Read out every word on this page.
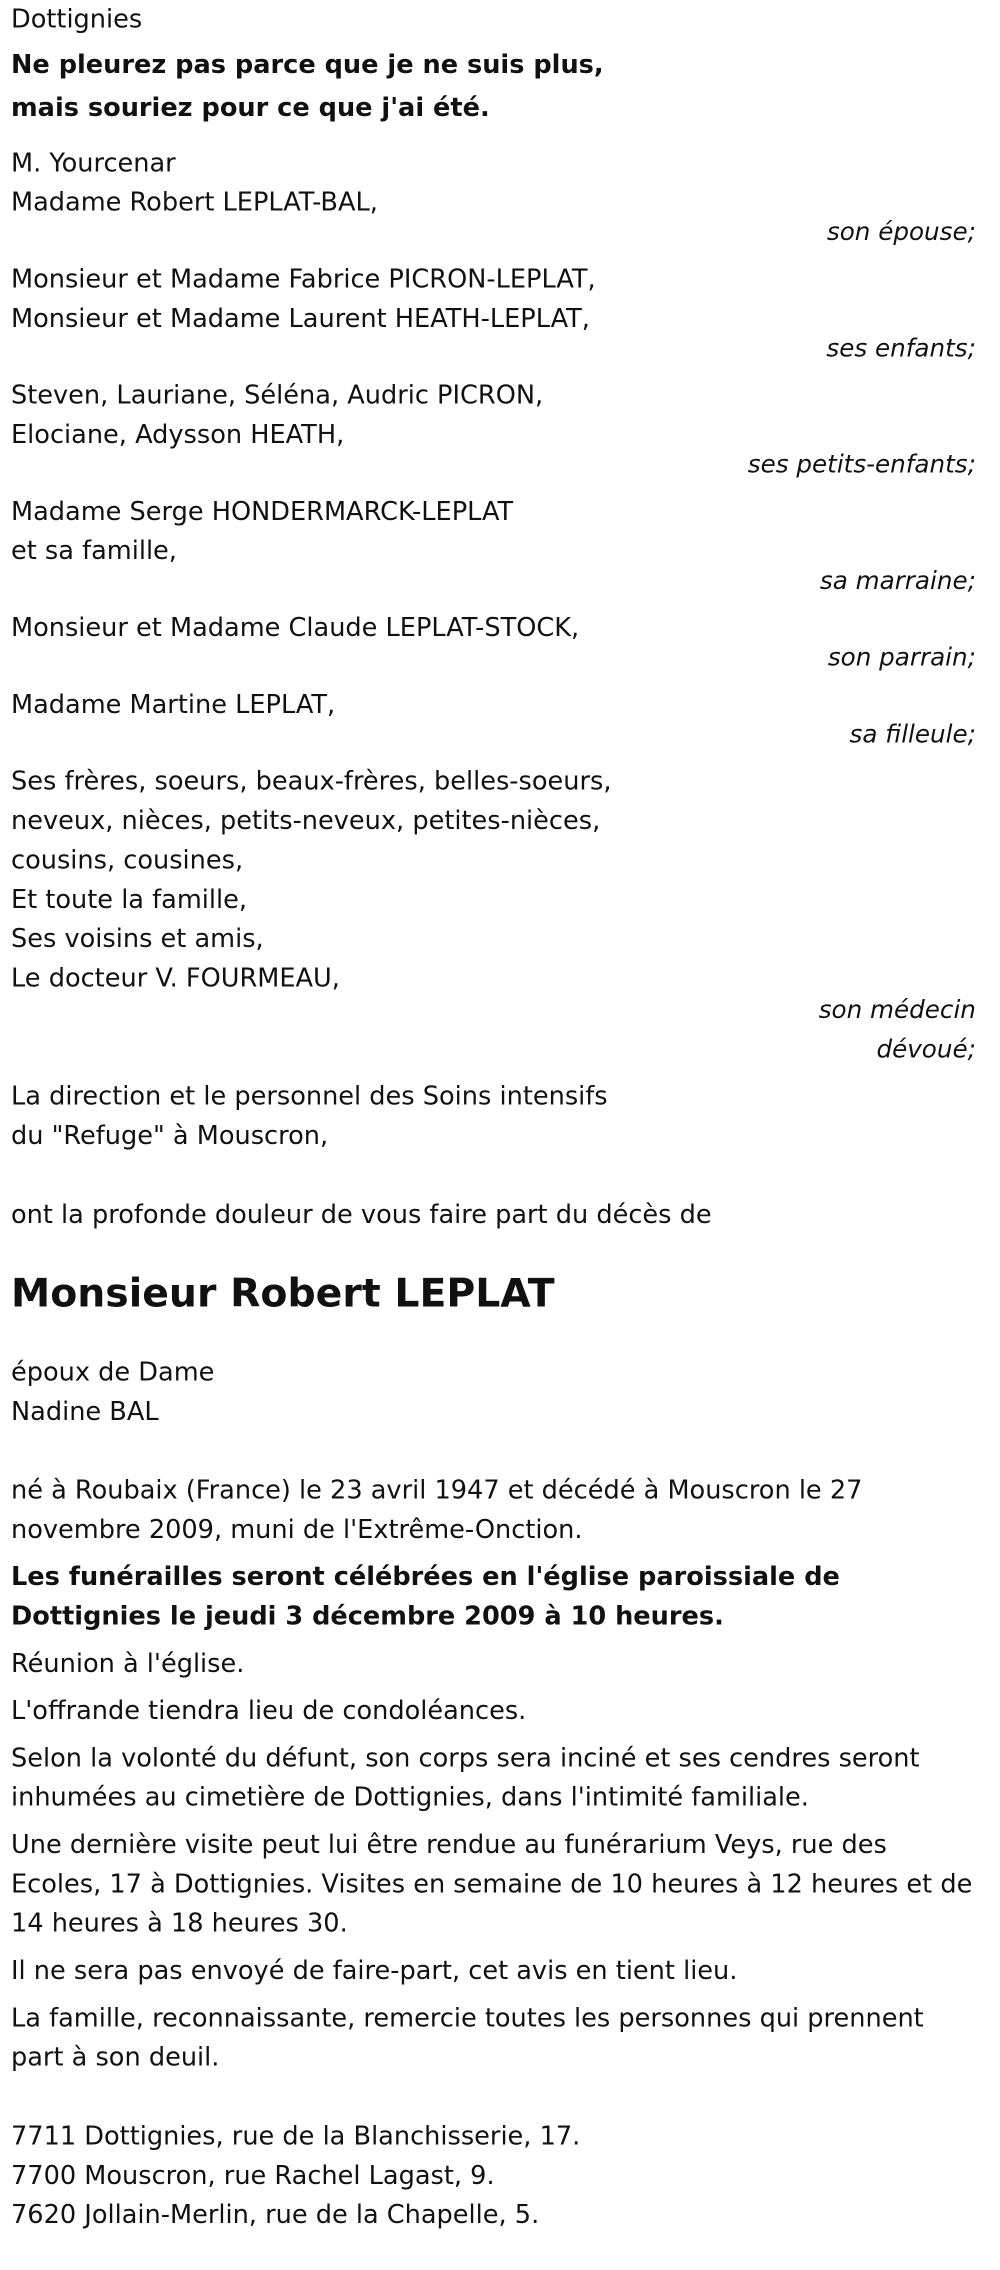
Dottignies
Ne pleurez pas parce que je ne suis plus,
mais souriez pour ce que j'ai été.
M. Yourcenar
Madame Robert LEPLAT-BAL,
son épouse;
Monsieur et Madame Fabrice PICRON-LEPLAT,
Monsieur et Madame Laurent HEATH-LEPLAT,
ses enfants;
Steven, Lauriane, Séléna, Audric PICRON,
Elociane, Adysson HEATH,
ses petits-enfants;
Madame Serge HONDERMARCK-LEPLAT
et sa famille,
sa marraine;
Monsieur et Madame Claude LEPLAT-STOCK,
son parrain;
Madame Martine LEPLAT,
sa filleule;
Ses frères, soeurs, beaux-frères, belles-soeurs,
neveux, nièces, petits-neveux, petites-nièces,
cousins, cousines,
Et toute la famille,
Ses voisins et amis,
Le docteur V. FOURMEAU,
son médecin
dévoué;
La direction et le personnel des Soins intensifs
du "Refuge" à Mouscron,
ont la profonde douleur de vous faire part du décès de
Monsieur Robert LEPLAT
époux de Dame
Nadine BAL

né à Roubaix (France) le 23 avril 1947 et décédé à Mouscron le 27 novembre 2009, muni de l'Extrême-Onction.

Les funérailles seront célébrées en l'église paroissiale de Dottignies le jeudi 3 décembre 2009 à 10 heures.

Réunion à l'église.

L'offrande tiendra lieu de condoléances.

Selon la volonté du défunt, son corps sera inciné et ses cendres seront inhumées au cimetière de Dottignies, dans l'intimité familiale.

Une dernière visite peut lui être rendue au funérarium Veys, rue des Ecoles, 17 à Dottignies. Visites en semaine de 10 heures à 12 heures et de 14 heures à 18 heures 30.

Il ne sera pas envoyé de faire-part, cet avis en tient lieu.

La famille, reconnaissante, remercie toutes les personnes qui prennent part à son deuil.

7711 Dottignies, rue de la Blanchisserie, 17.
7700 Mouscron, rue Rachel Lagast, 9.
7620 Jollain-Merlin, rue de la Chapelle, 5.
